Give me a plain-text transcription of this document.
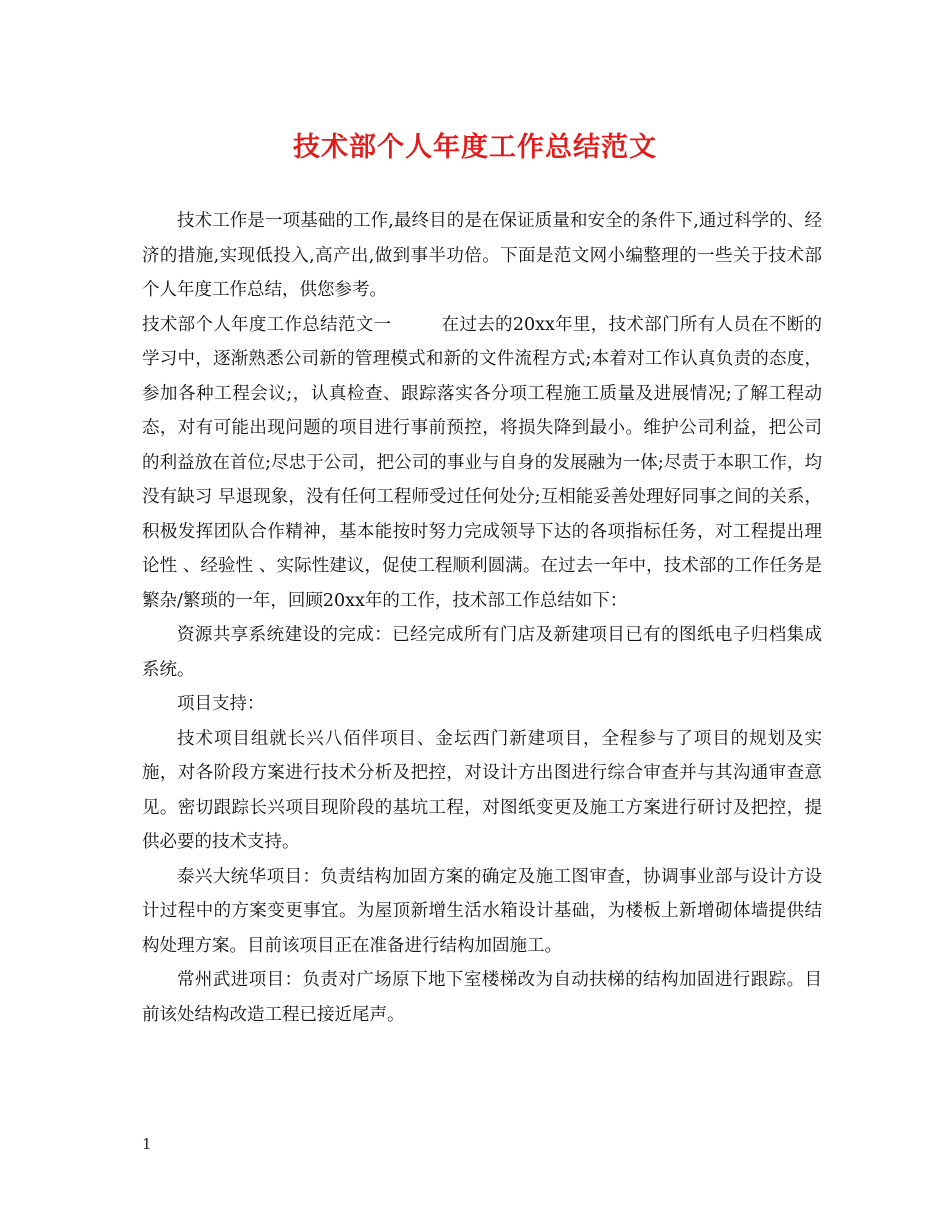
技术部个人年度工作总结范文

技术工作是一项基础的工作,最终目的是在保证质量和安全的条件下,通过科学的、经济的措施,实现低投入,高产出,做到事半功倍。下面是范文网小编整理的一些关于技术部个人年度工作总结，供您参考。

技术部个人年度工作总结范文一	在过去的20xx年里，技术部门所有人员在不断的学习中，逐渐熟悉公司新的管理模式和新的文件流程方式;本着对工作认真负责的态度，参加各种工程会议;，认真检查、跟踪落实各分项工程施工质量及进展情况;了解工程动态，对有可能出现问题的项目进行事前预控，将损失降到最小。维护公司利益，把公司的利益放在首位;尽忠于公司，把公司的事业与自身的发展融为一体;尽责于本职工作，均没有缺习 早退现象，没有任何工程师受过任何处分;互相能妥善处理好同事之间的关系，积极发挥团队合作精神，基本能按时努力完成领导下达的各项指标任务，对工程提出理论性 、经验性 、实际性建议，促使工程顺利圆满。在过去一年中，技术部的工作任务是繁杂/繁琐的一年，回顾20xx年的工作，技术部工作总结如下：

资源共享系统建设的完成：已经完成所有门店及新建项目已有的图纸电子归档集成系统。

项目支持：

技术项目组就长兴八佰伴项目、金坛西门新建项目，全程参与了项目的规划及实施，对各阶段方案进行技术分析及把控，对设计方出图进行综合审查并与其沟通审查意见。密切跟踪长兴项目现阶段的基坑工程，对图纸变更及施工方案进行研讨及把控，提供必要的技术支持。

泰兴大统华项目：负责结构加固方案的确定及施工图审查，协调事业部与设计方设计过程中的方案变更事宜。为屋顶新增生活水箱设计基础，为楼板上新增砌体墙提供结构处理方案。目前该项目正在准备进行结构加固施工。

常州武进项目：负责对广场原下地下室楼梯改为自动扶梯的结构加固进行跟踪。目前该处结构改造工程已接近尾声。

1
